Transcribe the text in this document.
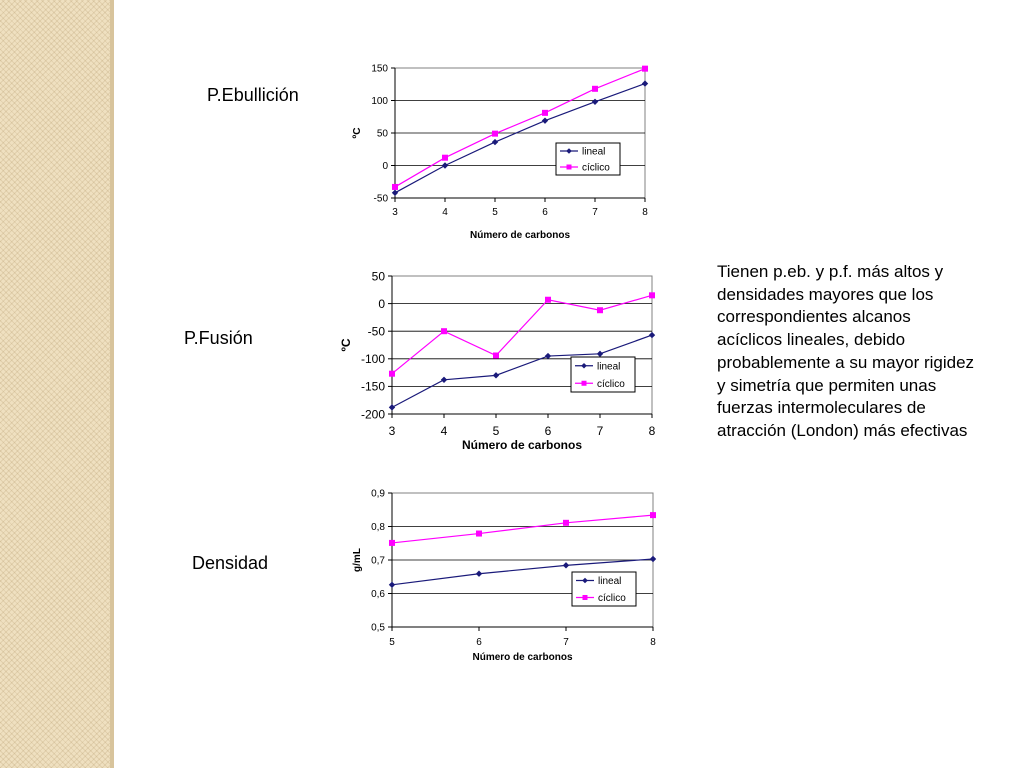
P.Ebullición
P.Fusión
Densidad
Tienen p.eb. y p.f. más altos y densidades mayores que los correspondientes alcanos acíclicos lineales, debido probablemente a su mayor rigidez y simetría que permiten unas fuerzas intermoleculares de atracción (London) más efectivas
150
100
50
0
-50
3	4	5	6	7	8
Número de carbonos
ºC
lineal
cíclico
50
0
-50
-100
-150
-200
3	4	5	6	7	8
Número de carbonos
ºC
lineal
cíclico
0,9
0,8
0,7
0,6
0,5
5	6	7	8
Número de carbonos
g/mL
lineal
cíclico
